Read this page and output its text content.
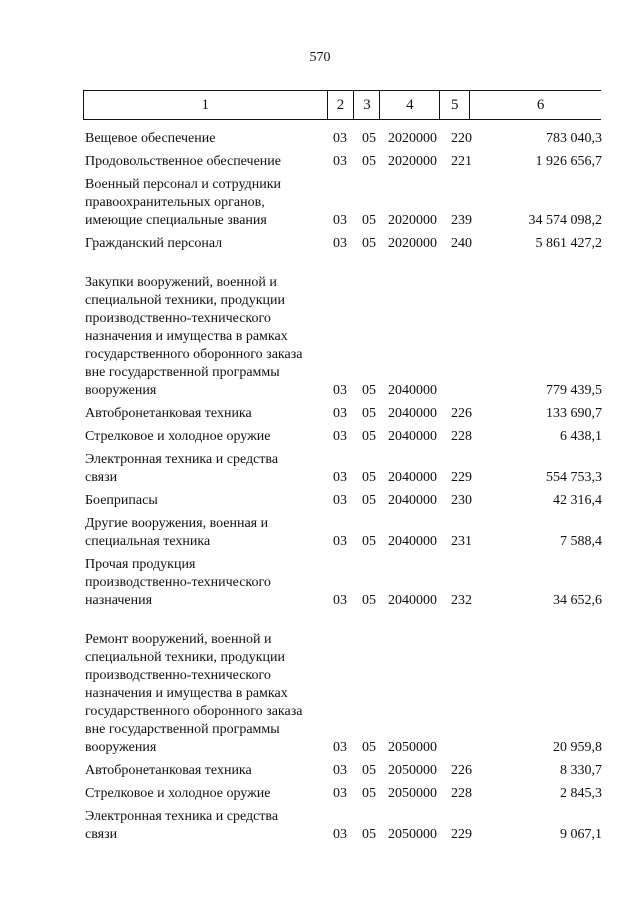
570
1	2	3	4	5	6
Вещевое обеспечение	03 05 2020000 220	783 040,3
Продовольственное обеспечение	03 05 2020000 221	1 926 656,7
Военный персонал и сотрудники
правоохранительных органов,
имеющие специальные звания	03 05 2020000 239	34 574 098,2
Гражданский персонал	03 05 2020000 240	5 861 427,2
Закупки вооружений, военной и
специальной техники, продукции
производственно-технического
назначения и имущества в рамках
государственного оборонного заказа
вне государственной программы
вооружения	03 05 2040000	779 439,5
Автобронетанковая техника	03 05 2040000 226	133 690,7
Стрелковое и холодное оружие	03 05 2040000 228	6 438,1
Электронная техника и средства
связи	03 05 2040000 229	554 753,3
Боеприпасы	03 05 2040000 230	42 316,4
Другие вооружения, военная и
специальная техника	03 05 2040000 231	7 588,4
Прочая продукция
производственно-технического
назначения	03 05 2040000 232	34 652,6
Ремонт вооружений, военной и
специальной техники, продукции
производственно-технического
назначения и имущества в рамках
государственного оборонного заказа
вне государственной программы
вооружения	03 05 2050000	20 959,8
Автобронетанковая техника	03 05 2050000 226	8 330,7
Стрелковое и холодное оружие	03 05 2050000 228	2 845,3
Электронная техника и средства
связи	03 05 2050000 229	9 067,1
